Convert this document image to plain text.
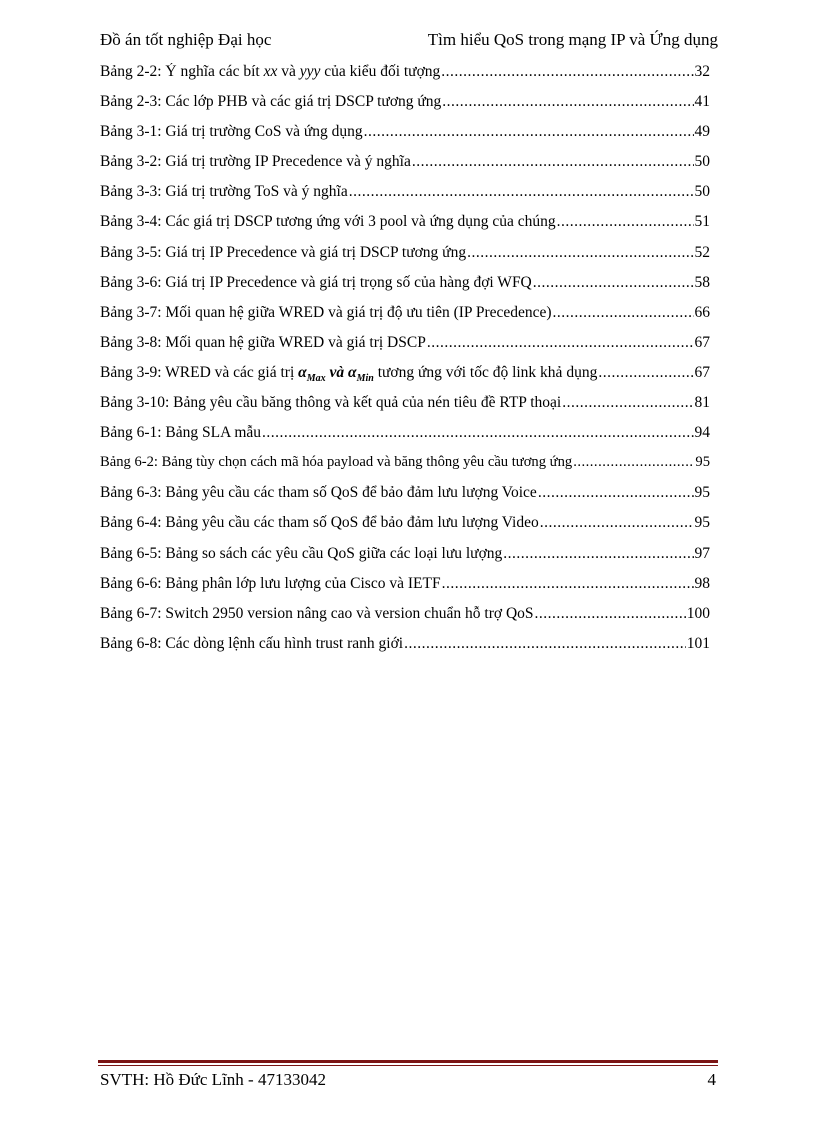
Đồ án tốt nghiệp Đại học	Tìm hiểu QoS trong mạng IP và Ứng dụng
Bảng 2-2: Ý nghĩa các bít xx và yyy của kiểu đối tượng .....	32
Bảng 2-3: Các lớp PHB và các giá trị DSCP tương ứng .....	41
Bảng 3-1: Giá trị trường CoS và ứng dụng .....	49
Bảng 3-2: Giá trị trường IP Precedence và ý nghĩa .....	50
Bảng 3-3: Giá trị trường ToS và ý nghĩa .....	50
Bảng 3-4: Các giá trị DSCP tương ứng với 3 pool và ứng dụng của chúng .....	51
Bảng 3-5: Giá trị IP Precedence và giá trị DSCP tương ứng .....	52
Bảng 3-6: Giá trị IP Precedence và giá trị trọng số của hàng đợi WFQ .....	58
Bảng 3-7: Mối quan hệ giữa WRED và giá trị độ ưu tiên (IP Precedence) .....	66
Bảng 3-8: Mối quan hệ giữa WRED và giá trị DSCP .....	67
Bảng 3-9: WRED và các giá trị $\alpha_{Max}$ và $\alpha_{Min}$ tương ứng với tốc độ link khả dụng .....	67
Bảng 3-10: Bảng yêu cầu băng thông và kết quả của nén tiêu đề RTP thoại .....	81
Bảng 6-1: Bảng SLA mẫu .....	94
Bảng 6-2: Bảng tùy chọn cách mã hóa payload và băng thông yêu cầu tương ứng .....	95
Bảng 6-3: Bảng yêu cầu các tham số QoS để bảo đảm lưu lượng Voice .....	95
Bảng 6-4: Bảng yêu cầu các tham số QoS để bảo đảm lưu lượng Video .....	95
Bảng 6-5: Bảng so sách các yêu cầu QoS giữa các loại lưu lượng .....	97
Bảng 6-6: Bảng phân lớp lưu lượng của Cisco và IETF .....	98
Bảng 6-7: Switch 2950 version nâng cao và version chuẩn hỗ trợ QoS .....	100
Bảng 6-8: Các dòng lệnh cấu hình trust ranh giới .....	101
SVTH: Hồ Đức Lĩnh - 47133042	4
